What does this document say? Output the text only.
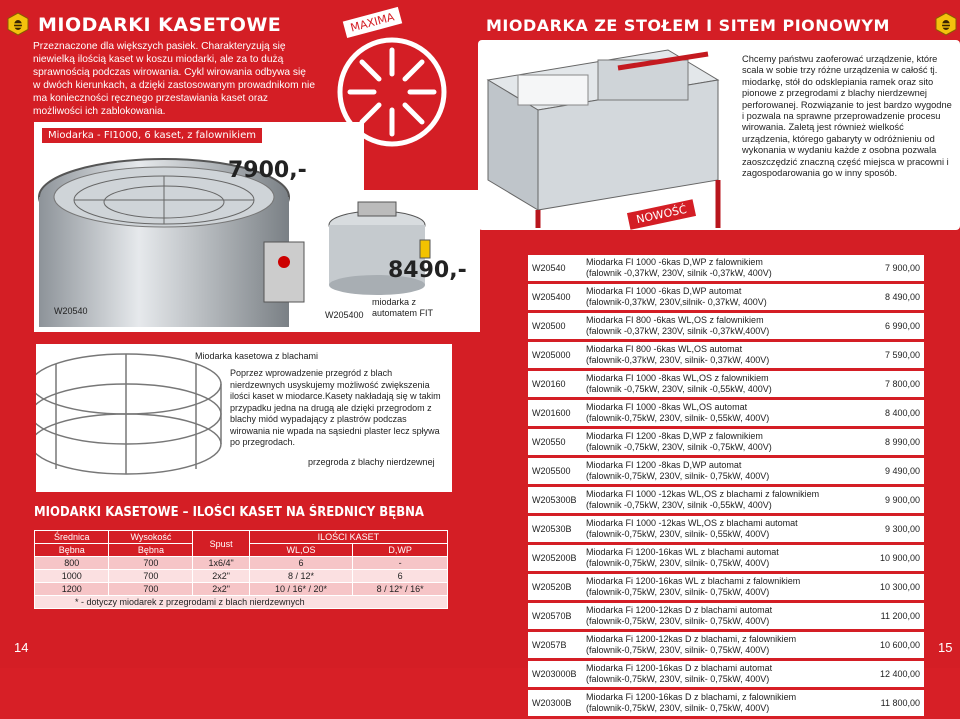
MIODARKI KASETOWE
Przeznaczone dla większych pasiek. Charakteryzują się niewielką ilością kaset w koszu miodarki, ale za to dużą sprawnością podczas wirowania. Cykl wirowania odbywa się w dwóch kierunkach, a dzięki zastosowanym prowadnikom nie ma konieczności ręcznego przestawiania kaset oraz możliwości ich zablokowania.
MAXIMA
Miodarka - FI1000, 6 kaset, z falownikiem
7900,-
W20540
8490,-
W205400
miodarka z automatem FIT
Miodarka kasetowa z blachami
Poprzez wprowadzenie przegród z blach nierdzewnych usyskujemy możliwość zwiększenia ilości kaset w miodarce.Kasety nakładają się w takim przypadku jedna na drugą ale dzięki przegrodom z blachy miód wypadający z plastrów podczas wirowania nie wpada na sąsiedni plaster lecz spływa po przegrodach.
przegroda z blachy nierdzewnej
MIODARKI KASETOWE – ILOŚCI KASET NA ŚREDNICY BĘBNA
Średnica	Wysokość	Spust	ILOŚCI KASET	
Bębna	Bębna		WL,OS	D,WP
800	700	1x6/4"	6	-
1000	700	2x2"	8 / 12*	6
1200	700	2x2"	10 / 16* / 20*	8 / 12* / 16*
* - dotyczy miodarek z przegrodami z blach nierdzewnych				
14
MIODARKA ZE STOŁEM I SITEM PIONOWYM
NOWOŚĆ
Chcemy państwu zaoferować urządzenie, które scala w sobie trzy różne urządzenia w całość tj. miodarkę, stół do odsklepiania ramek oraz sito pionowe z przegrodami z blachy nierdzewnej perforowanej. Rozwiązanie to jest bardzo wygodne i pozwala na sprawne przeprowadzenie procesu wirowania. Zaletą jest również wielkość urządzenia, którego gabaryty w odróżnieniu od wykonania w wydaniu każde z osobna pozwala zaoszczędzić znaczną część miejsca w pracowni i zagospodarowania go w inny sposób.
W20540	Miodarka FI 1000 -6kas D,WP z falownikiem
(falownik -0,37kW, 230V, silnik -0,37kW, 400V)	7 900,00
W205400	Miodarka FI 1000 -6kas D,WP automat
(falownik-0,37kW, 230V,silnik- 0,37kW, 400V)	8 490,00
W20500	Miodarka FI 800 -6kas WL,OS z falownikiem
(falownik -0,37kW, 230V, silnik -0,37kW,400V)	6 990,00
W205000	Miodarka FI 800 -6kas WL,OS automat
(falownik-0,37kW, 230V, silnik- 0,37kW, 400V)	7 590,00
W20160	Miodarka FI 1000 -8kas WL,OS z falownikiem
(falownik -0,75kW, 230V, silnik -0,55kW, 400V)	7 800,00
W201600	Miodarka FI 1000 -8kas WL,OS automat
(falownik-0,75kW, 230V, silnik- 0,55kW, 400V)	8 400,00
W20550	Miodarka FI 1200 -8kas D,WP z falownikiem
(falownik -0,75kW, 230V, silnik -0,75kW, 400V)	8 990,00
W205500	Miodarka FI 1200 -8kas D,WP automat
(falownik-0,75kW, 230V, silnik- 0,75kW, 400V)	9 490,00
W205300B	Miodarka FI 1000 -12kas WL,OS z blachami z falownikiem
(falownik -0,75kW, 230V, silnik -0,55kW, 400V)	9 900,00
W20530B	Miodarka FI 1000 -12kas WL,OS z blachami automat
(falownik-0,75kW, 230V, silnik- 0,55kW, 400V)	9 300,00
W205200B	Miodarka Fi 1200-16kas WL z blachami automat
(falownik-0,75kW, 230V, silnik- 0,75kW, 400V)	10 900,00
W20520B	Miodarka Fi 1200-16kas WL z blachami z falownikiem
(falownik-0,75kW, 230V, silnik- 0,75kW, 400V)	10 300,00
W20570B	Miodarka Fi 1200-12kas D z blachami automat
(falownik-0,75kW, 230V, silnik- 0,75kW, 400V)	11 200,00
W2057B	Miodarka Fi 1200-12kas D z blachami, z falownikiem
(falownik-0,75kW, 230V, silnik- 0,75kW, 400V)	10 600,00
W203000B	Miodarka Fi 1200-16kas D z blachami automat
(falownik-0,75kW, 230V, silnik- 0,75kW, 400V)	12 400,00
W20300B	Miodarka Fi 1200-16kas D z blachami, z falownikiem
(falownik-0,75kW, 230V, silnik- 0,75kW, 400V)	11 800,00
15
